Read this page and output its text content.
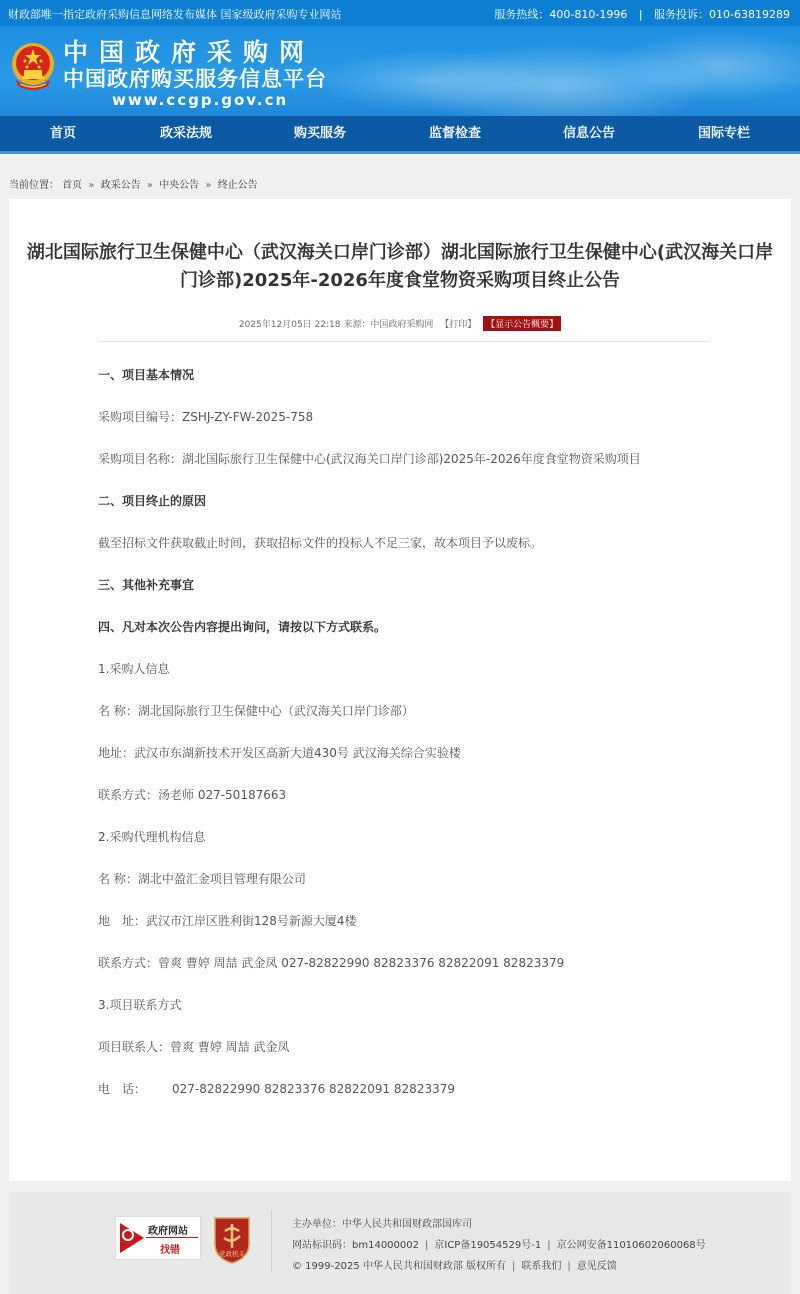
财政部唯一指定政府采购信息网络发布媒体 国家级政府采购专业网站	服务热线：400-810-1996 | 服务投诉：010-63819289
中国政府采购网
中国政府购买服务信息平台
www.ccgp.gov.cn
首页	政采法规	购买服务	监督检查	信息公告	国际专栏
当前位置： 首页 » 政采公告 » 中央公告 » 终止公告
湖北国际旅行卫生保健中心（武汉海关口岸门诊部）湖北国际旅行卫生保健中心(武汉海关口岸门诊部)2025年-2026年度食堂物资采购项目终止公告
2025年12月05日 22:18 来源：中国政府采购网 【打印】 【显示公告概要】

一、项目基本情况

采购项目编号：ZSHJ-ZY-FW-2025-758

采购项目名称：湖北国际旅行卫生保健中心(武汉海关口岸门诊部)2025年-2026年度食堂物资采购项目

二、项目终止的原因

截至招标文件获取截止时间，获取招标文件的投标人不足三家，故本项目予以废标。

三、其他补充事宜

四、凡对本次公告内容提出询问，请按以下方式联系。

1.采购人信息

名 称：湖北国际旅行卫生保健中心（武汉海关口岸门诊部）

地址：武汉市东湖新技术开发区高新大道430号 武汉海关综合实验楼

联系方式：汤老师 027-50187663

2.采购代理机构信息

名 称：湖北中盈汇金项目管理有限公司

地　址：武汉市江岸区胜利街128号新源大厦4楼

联系方式：曾爽 曹婷 周喆 武金凤 027-82822990 82823376 82822091 82823379

3.项目联系方式

项目联系人：曾爽 曹婷 周喆 武金凤

电　话： 027-82822990 82823376 82822091 82823379

政府网站
找错	党政机关
主办单位：中华人民共和国财政部国库司
网站标识码：bm14000002 | 京ICP备19054529号-1 | 京公网安备11010602060068号
© 1999-2025 中华人民共和国财政部 版权所有 | 联系我们 | 意见反馈
